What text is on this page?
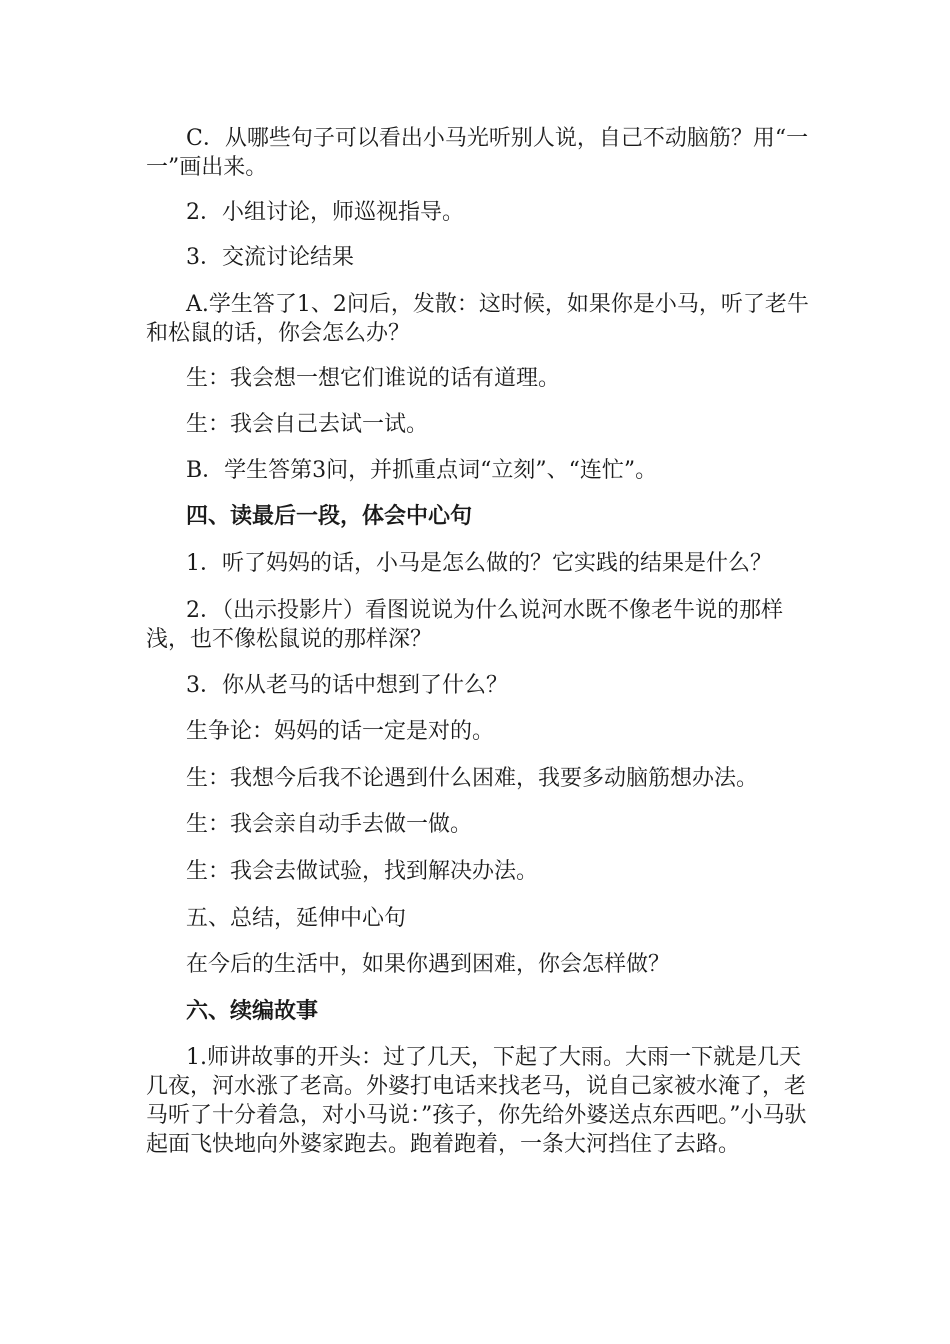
C．从哪些句子可以看出小马光听别人说，自己不动脑筋？用“一一”画出来。

2．小组讨论，师巡视指导。

3．交流讨论结果

A.学生答了1、2问后，发散：这时候，如果你是小马，听了老牛和松鼠的话，你会怎么办？

生：我会想一想它们谁说的话有道理。

生：我会自己去试一试。

B．学生答第3问，并抓重点词“立刻”、“连忙”。

四、读最后一段，体会中心句

1．听了妈妈的话，小马是怎么做的？它实践的结果是什么？

2．（出示投影片）看图说说为什么说河水既不像老牛说的那样浅，也不像松鼠说的那样深？

3．你从老马的话中想到了什么？

生争论：妈妈的话一定是对的。

生：我想今后我不论遇到什么困难，我要多动脑筋想办法。

生：我会亲自动手去做一做。

生：我会去做试验，找到解决办法。

五、总结，延伸中心句

在今后的生活中，如果你遇到困难，你会怎样做？

六、续编故事

1.师讲故事的开头：过了几天，下起了大雨。大雨一下就是几天几夜，河水涨了老高。外婆打电话来找老马，说自己家被水淹了，老马听了十分着急，对小马说：”孩子，你先给外婆送点东西吧。”小马驮起面飞快地向外婆家跑去。跑着跑着，一条大河挡住了去路。
